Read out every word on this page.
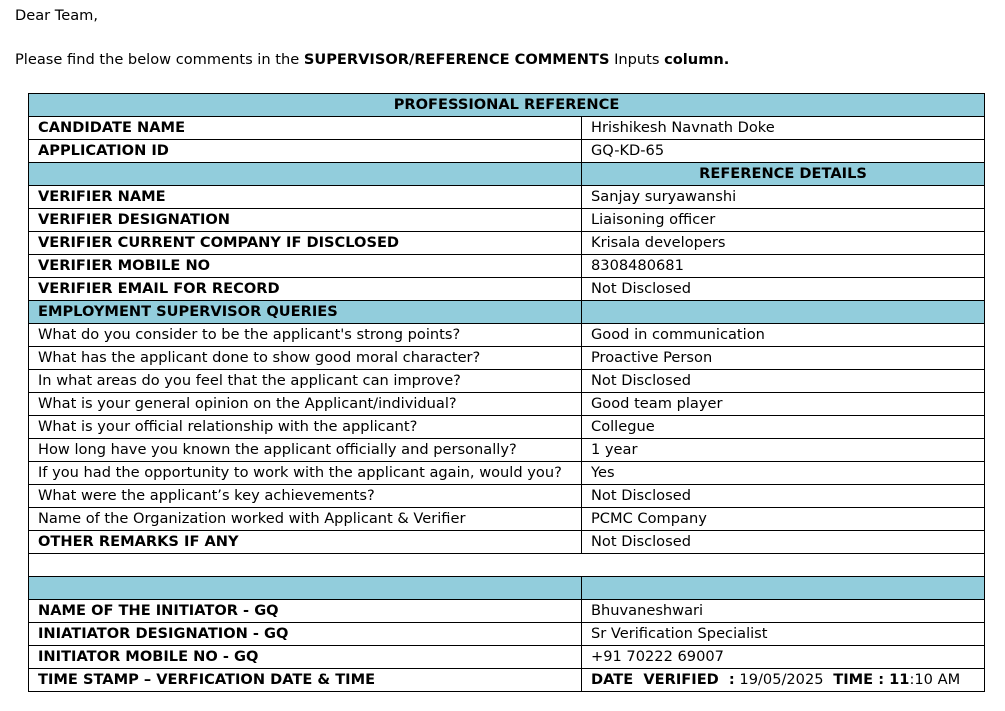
Dear Team,
Please find the below comments in the SUPERVISOR/REFERENCE COMMENTS Inputs column.
PROFESSIONAL REFERENCE	
CANDIDATE NAME	Hrishikesh Navnath Doke
APPLICATION ID	GQ-KD-65
	REFERENCE DETAILS
VERIFIER NAME	Sanjay suryawanshi
VERIFIER DESIGNATION	Liaisoning officer
VERIFIER CURRENT COMPANY IF DISCLOSED	Krisala developers
VERIFIER MOBILE NO	8308480681
VERIFIER EMAIL FOR RECORD	Not Disclosed
EMPLOYMENT SUPERVISOR QUERIES	
What do you consider to be the applicant's strong points?	Good in communication
What has the applicant done to show good moral character?	Proactive Person
In what areas do you feel that the applicant can improve?	Not Disclosed
What is your general opinion on the Applicant/individual?	Good team player
What is your official relationship with the applicant?	Collegue
How long have you known the applicant officially and personally?	1 year
If you had the opportunity to work with the applicant again, would you?	Yes
What were the applicant’s key achievements?	Not Disclosed
Name of the Organization worked with Applicant & Verifier	PCMC Company
OTHER REMARKS IF ANY	Not Disclosed

NAME OF THE INITIATOR - GQ	Bhuvaneshwari
INIATIATOR DESIGNATION - GQ	Sr Verification Specialist
INITIATOR MOBILE NO - GQ	+91 70222 69007
TIME STAMP – VERFICATION DATE & TIME	DATE  VERIFIED  : 19/05/2025  TIME : 11:10 AM
